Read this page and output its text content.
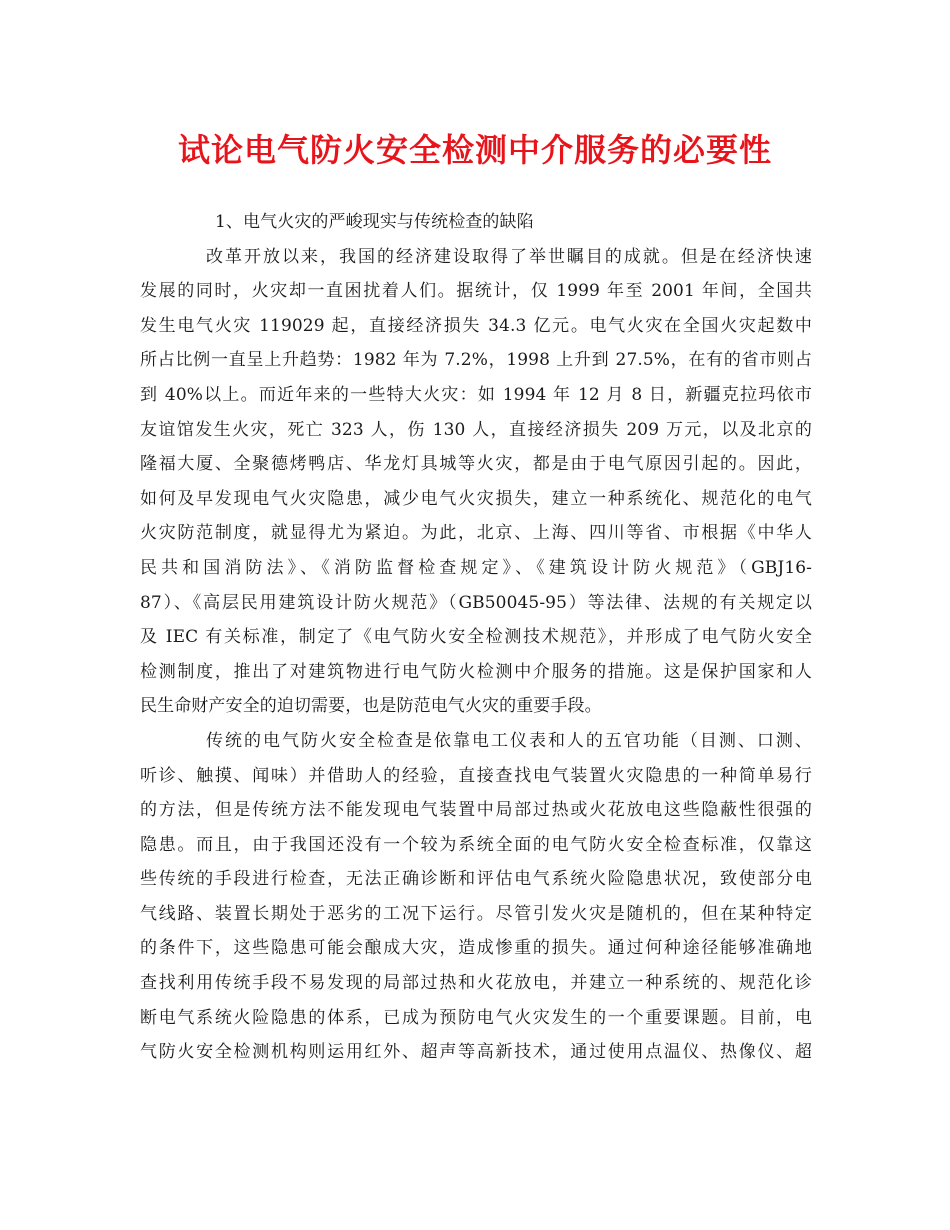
试论电气防火安全检测中介服务的必要性
1、电气火灾的严峻现实与传统检查的缺陷
改革开放以来，我国的经济建设取得了举世瞩目的成就。但是在经济快速
发展的同时，火灾却一直困扰着人们。据统计，仅 1999 年至 2001 年间，全国共
发生电气火灾 119029 起，直接经济损失 34.3 亿元。电气火灾在全国火灾起数中
所占比例一直呈上升趋势：1982 年为 7.2%，1998 上升到 27.5%，在有的省市则占
到 40%以上。而近年来的一些特大火灾：如 1994 年 12 月 8 日，新疆克拉玛依市
友谊馆发生火灾，死亡 323 人，伤 130 人，直接经济损失 209 万元，以及北京的
隆福大厦、全聚德烤鸭店、华龙灯具城等火灾，都是由于电气原因引起的。因此，
如何及早发现电气火灾隐患，减少电气火灾损失，建立一种系统化、规范化的电气
火灾防范制度，就显得尤为紧迫。为此，北京、上海、四川等省、市根据《中华人
民共和国消防法》、《消防监督检查规定》、《建筑设计防火规范》（GBJ16-
87）、《高层民用建筑设计防火规范》（GB50045-95）等法律、法规的有关规定以
及 IEC 有关标准，制定了《电气防火安全检测技术规范》，并形成了电气防火安全
检测制度，推出了对建筑物进行电气防火检测中介服务的措施。这是保护国家和人
民生命财产安全的迫切需要，也是防范电气火灾的重要手段。
传统的电气防火安全检查是依靠电工仪表和人的五官功能（目测、口测、
听诊、触摸、闻味）并借助人的经验，直接查找电气装置火灾隐患的一种简单易行
的方法，但是传统方法不能发现电气装置中局部过热或火花放电这些隐蔽性很强的
隐患。而且，由于我国还没有一个较为系统全面的电气防火安全检查标准，仅靠这
些传统的手段进行检查，无法正确诊断和评估电气系统火险隐患状况，致使部分电
气线路、装置长期处于恶劣的工况下运行。尽管引发火灾是随机的，但在某种特定
的条件下，这些隐患可能会酿成大灾，造成惨重的损失。通过何种途径能够准确地
查找利用传统手段不易发现的局部过热和火花放电，并建立一种系统的、规范化诊
断电气系统火险隐患的体系，已成为预防电气火灾发生的一个重要课题。目前，电
气防火安全检测机构则运用红外、超声等高新技术，通过使用点温仪、热像仪、超
